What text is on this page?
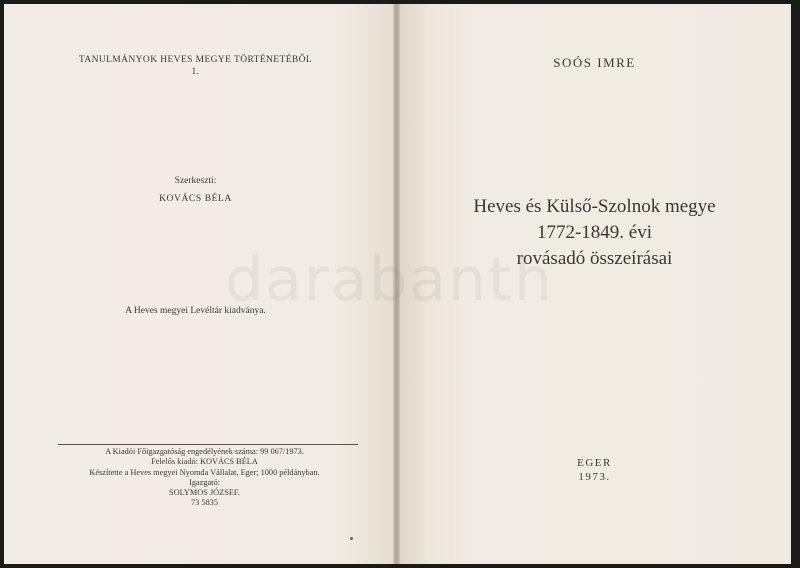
TANULMÁNYOK HEVES MEGYE TÖRTÉNETÉBŐL
1.
Szerkeszti:
KOVÁCS BÉLA
A Heves megyei Levéltár kiadványa.
A Kiadói Főigazgatóság engedélyének száma: 99 067/1973.
Felelős kiadó: KOVÁCS BÉLA
Készítette a Heves megyei Nyomda Vállalat, Eger; 1000 példányban.
Igazgató:
SOLYMOS JÓZSEF.
73 5835
SOÓS IMRE
Heves és Külső-Szolnok megye
1772-1849. évi
rovásadó összeírásai
EGER
1973.
darabanth
